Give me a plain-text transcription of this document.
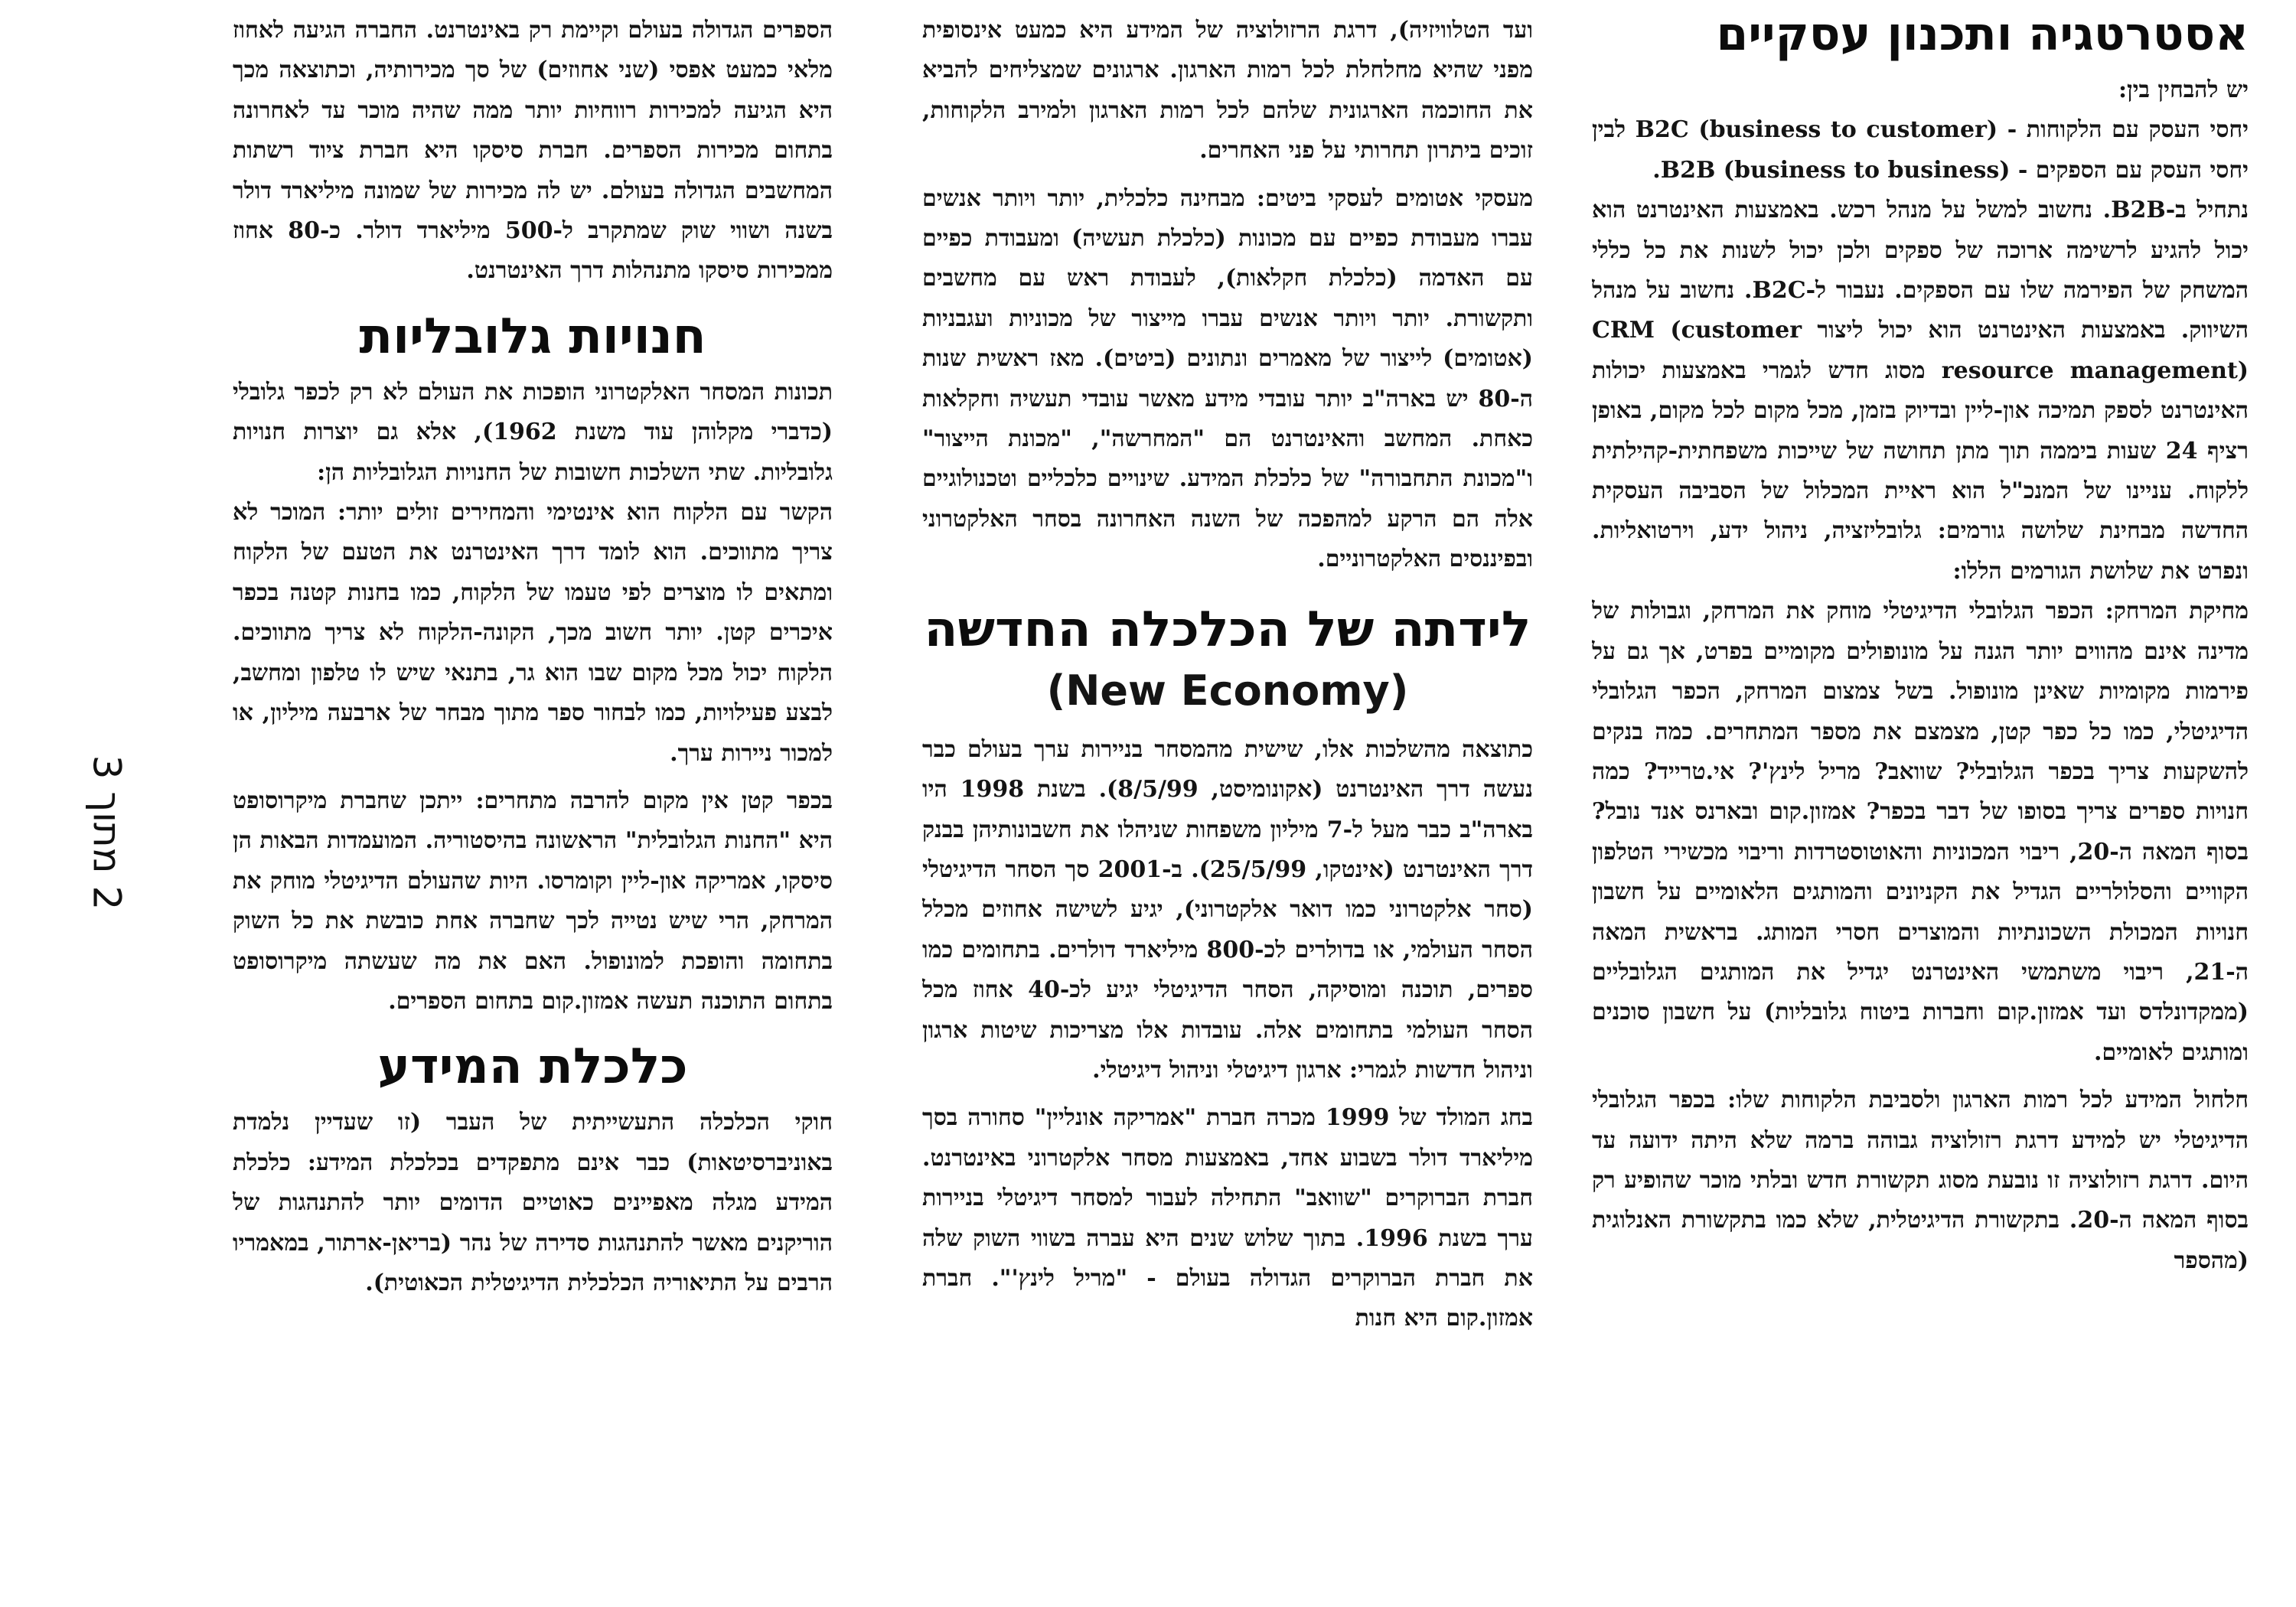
אסטרטגיה ותכנון עסקיים

יש להבחין בין:

יחסי העסק עם הלקוחות - B2C (business to customer) לבין יחסי העסק עם הספקים - B2B (business to business).

נתחיל ב-B2B. נחשוב למשל על מנהל רכש. באמצעות האינטרנט הוא יכול להגיע לרשימה ארוכה של ספקים ולכן יכול לשנות את כל כללי המשחק של הפירמה שלו עם הספקים. נעבור ל-B2C. נחשוב על מנהל השיווק. באמצעות האינטרנט הוא יכול ליצור CRM (customer resource management) מסוג חדש לגמרי באמצעות יכולות האינטרנט לספק תמיכה און-ליין ובדיוק בזמן, מכל מקום לכל מקום, באופן רציף 24 שעות ביממה תוך מתן תחושה של שייכות משפחתית-קהילתית ללקוח. עניינו של המנכ"ל הוא ראיית המכלול של הסביבה העסקית החדשה מבחינת שלושה גורמים: גלובליזציה, ניהול ידע, וירטואליות. ונפרט את שלושת הגורמים הללו:

מחיקת המרחק: הכפר הגלובלי הדיגיטלי מוחק את המרחק, וגבולות של מדינה אינם מהווים יותר הגנה על מונופולים מקומיים בפרט, אך גם על פירמות מקומיות שאינן מונופול. בשל צמצום המרחק, הכפר הגלובלי הדיגיטלי, כמו כל כפר קטן, מצמצם את מספר המתחרים. כמה בנקים להשקעות צריך בכפר הגלובלי? שוואב? מריל לינץ'? אי.טרייד? כמה חנויות ספרים צריך בסופו של דבר בכפר? אמזון.קום ובארנס אנד נובל? בסוף המאה ה-20, ריבוי המכוניות והאוטוסטרדות וריבוי מכשירי הטלפון הקוויים והסלולריים הגדיל את הקניונים והמותגים הלאומיים על חשבון חנויות המכולת השכונתיות והמוצרים חסרי המותג. בראשית המאה ה-21, ריבוי משתמשי האינטרנט יגדיל את המותגים הגלובליים (ממקדונלדס ועד אמזון.קום וחברות ביטוח גלובליות) על חשבון סוכנים ומותגים לאומיים.

חלחול המידע לכל רמות הארגון ולסביבת הלקוחות שלו: בכפר הגלובלי הדיגיטלי יש למידע דרגת רזולוציה גבוהה ברמה שלא היתה ידועה עד היום. דרגת רזולוציה זו נובעת מסוג תקשורת חדש ובלתי מוכר שהופיע רק בסוף המאה ה-20. בתקשורת הדיגיטלית, שלא כמו בתקשורת האנלוגית (מהספר

ועד הטלוויזיה), דרגת הרזולוציה של המידע היא כמעט אינסופית מפני שהיא מחלחלת לכל רמות הארגון. ארגונים שמצליחים להביא את החוכמה הארגונית שלהם לכל רמות הארגון ולמירב הלקוחות, זוכים ביתרון תחרותי על פני האחרים.

מעסקי אטומים לעסקי ביטים: מבחינה כלכלית, יותר ויותר אנשים עברו מעבודת כפיים עם מכונות (כלכלת תעשיה) ומעבודת כפיים עם האדמה (כלכלת חקלאות), לעבודת ראש עם מחשבים ותקשורת. יותר ויותר אנשים עברו מייצור של מכוניות ועגבניות (אטומים) לייצור של מאמרים ונתונים (ביטים). מאז ראשית שנות ה-80 יש בארה"ב יותר עובדי מידע מאשר עובדי תעשיה וחקלאות כאחת. המחשב והאינטרנט הם "המחרשה", "מכונת הייצור" ו"מכונת התחבורה" של כלכלת המידע. שינויים כלכליים וטכנולוגיים אלה הם הרקע למהפכה של השנה האחרונה בסחר האלקטרוני ובפיננסים האלקטרוניים.

לידתה של הכלכלה החדשה
(New Economy)

כתוצאה מהשלכות אלו, שישית מהמסחר בניירות ערך בעולם כבר נעשה דרך האינטרנט (אקונומיסט, 8/5/99). בשנת 1998 היו בארה"ב כבר מעל ל-7 מיליון משפחות שניהלו את חשבונותיהן בבנק דרך האינטרנט (אינטקו, 25/5/99). ב-2001 סך הסחר הדיגיטלי (סחר אלקטרוני כמו דואר אלקטרוני), יגיע לשישה אחוזים מכלל הסחר העולמי, או בדולרים לכ-800 מיליארד דולרים. בתחומים כמו ספרים, תוכנה ומוסיקה, הסחר הדיגיטלי יגיע לכ-40 אחוז מכל הסחר העולמי בתחומים אלה. עובדות אלו מצריכות שיטות ארגון וניהול חדשות לגמרי: ארגון דיגיטלי וניהול דיגיטלי.

בחג המולד של 1999 מכרה חברת "אמריקה אונליין" סחורה בסך מיליארד דולר בשבוע אחד, באמצעות מסחר אלקטרוני באינטרנט. חברת הברוקרים "שוואב" התחילה לעבור למסחר דיגיטלי בניירות ערך בשנת 1996. בתוך שלוש שנים היא עברה בשווי השוק שלה את חברת הברוקרים הגדולה בעולם - "מריל לינץ'". חברת אמזון.קום היא חנות

הספרים הגדולה בעולם וקיימת רק באינטרנט. החברה הגיעה לאחוז מלאי כמעט אפסי (שני אחוזים) של סך מכירותיה, וכתוצאה מכך היא הגיעה למכירות רווחיות יותר ממה שהיה מוכר עד לאחרונה בתחום מכירות הספרים. חברת סיסקו היא חברת ציוד רשתות המחשבים הגדולה בעולם. יש לה מכירות של שמונה מיליארד דולר בשנה ושווי שוק שמתקרב ל-500 מיליארד דולר. כ-80 אחוז ממכירות סיסקו מתנהלות דרך האינטרנט.

חנויות גלובליות

תכונות המסחר האלקטרוני הופכות את העולם לא רק לכפר גלובלי (כדברי מקלוהן עוד משנת 1962), אלא גם יוצרות חנויות גלובליות. שתי השלכות חשובות של החנויות הגלובליות הן:

הקשר עם הלקוח הוא אינטימי והמחירים זולים יותר: המוכר לא צריך מתווכים. הוא לומד דרך האינטרנט את הטעם של הלקוח ומתאים לו מוצרים לפי טעמו של הלקוח, כמו בחנות קטנה בכפר איכרים קטן. יותר חשוב מכך, הקונה-הלקוח לא צריך מתווכים. הלקוח יכול מכל מקום שבו הוא גר, בתנאי שיש לו טלפון ומחשב, לבצע פעילויות, כמו לבחור ספר מתוך מבחר של ארבעה מיליון, או למכור ניירות ערך.

בכפר קטן אין מקום להרבה מתחרים: ייתכן שחברת מיקרוסופט היא "החנות הגלובלית" הראשונה בהיסטוריה. המועמדות הבאות הן סיסקו, אמריקה און-ליין וקומרסו. היות שהעולם הדיגיטלי מוחק את המרחק, הרי שיש נטייה לכך שחברה אחת כובשת את כל השוק בתחומה והופכת למונופול. האם את מה שעשתה מיקרוסופט בתחום התוכנה תעשה אמזון.קום בתחום הספרים.

כלכלת המידע

חוקי הכלכלה התעשייתית של העבר (זו שעדיין נלמדת באוניברסיטאות) כבר אינם מתפקדים בכלכלת המידע: כלכלת המידע מגלה מאפיינים כאוטיים הדומים יותר להתנהגות של הוריקנים מאשר להתנהגות סדירה של נהר (בריאן-ארתור, במאמריו הרבים על התיאוריה הכלכלית הדיגיטלית הכאוטית).

2 מתוך 3
